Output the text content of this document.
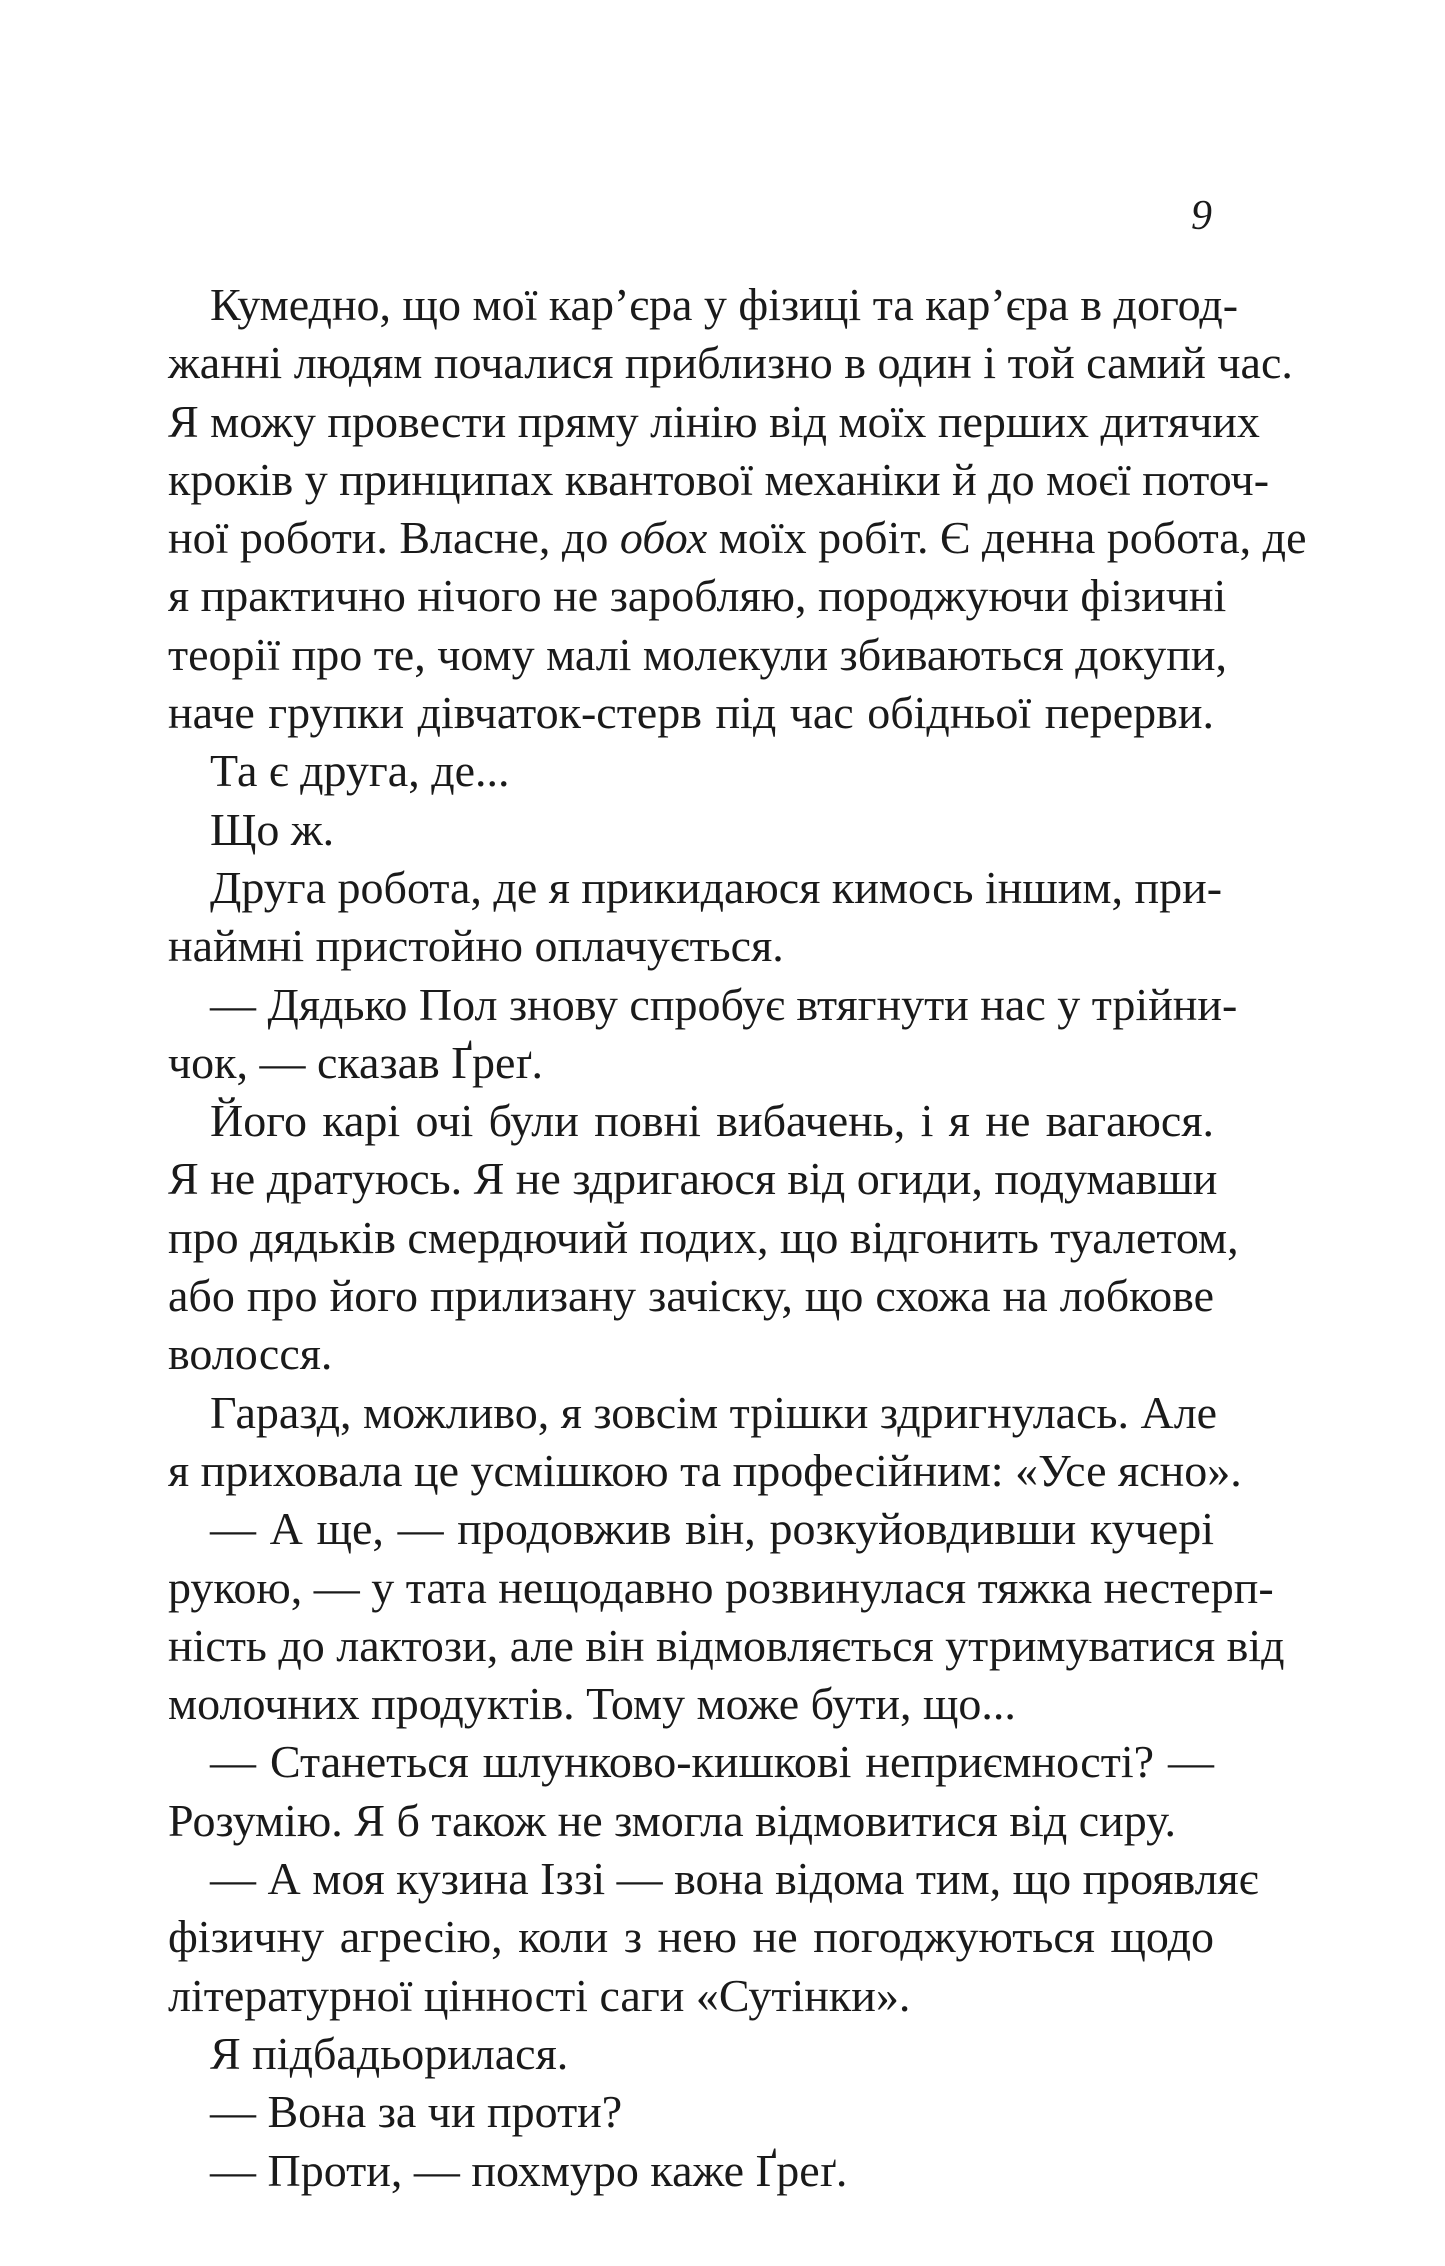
9
Кумедно, що мої кар’єра у фізиці та кар’єра в догод-
жанні людям почалися приблизно в один і той самий час.
Я можу провести пряму лінію від моїх перших дитячих
кроків у принципах квантової механіки й до моєї поточ-
ної роботи. Власне, до обох моїх робіт. Є денна робота, де
я практично нічого не заробляю, породжуючи фізичні
теорії про те, чому малі молекули збиваються докупи,
наче групки дівчаток-стерв під час обідньої перерви.
Та є друга, де...
Що ж.
Друга робота, де я прикидаюся кимось іншим, при-
наймні пристойно оплачується.
— Дядько Пол знову спробує втягнути нас у трійни-
чок, — сказав Ґреґ.
Його карі очі були повні вибачень, і я не вагаюся.
Я не дратуюсь. Я не здригаюся від огиди, подумавши
про дядьків смердючий подих, що відгонить туалетом,
або про його прилизану зачіску, що схожа на лобкове
волосся.
Гаразд, можливо, я зовсім трішки здригнулась. Але
я приховала це усмішкою та професійним: «Усе ясно».
— А ще, — продовжив він, розкуйовдивши кучері
рукою, — у тата нещодавно розвинулася тяжка нестерп-
ність до лактози, але він відмовляється утримуватися від
молочних продуктів. Тому може бути, що...
— Станеться шлунково-кишкові неприємності? —
Розумію. Я б також не змогла відмовитися від сиру.
— А моя кузина Іззі — вона відома тим, що проявляє
фізичну агресію, коли з нею не погоджуються щодо
літературної цінності саги «Сутінки».
Я підбадьорилася.
— Вона за чи проти?
— Проти, — похмуро каже Ґреґ.
